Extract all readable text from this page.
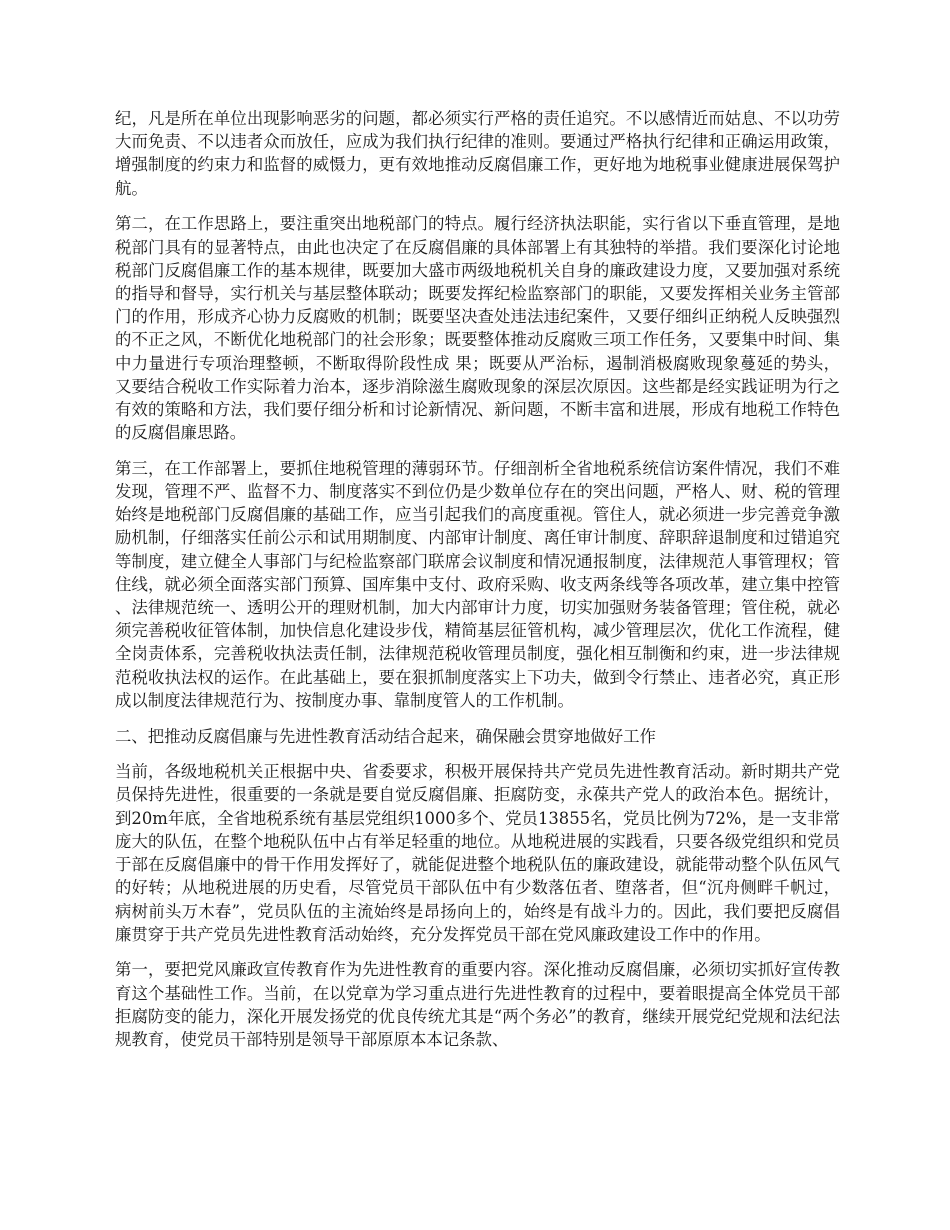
纪，凡是所在单位出现影响恶劣的问题，都必须实行严格的责任追究。不以感情近而姑息、不以功劳大而免责、不以违者众而放任，应成为我们执行纪律的准则。要通过严格执行纪律和正确运用政策，增强制度的约束力和监督的威慑力，更有效地推动反腐倡廉工作，更好地为地税事业健康进展保驾护航。

第二，在工作思路上，要注重突出地税部门的特点。履行经济执法职能，实行省以下垂直管理，是地税部门具有的显著特点，由此也决定了在反腐倡廉的具体部署上有其独特的举措。我们要深化讨论地税部门反腐倡廉工作的基本规律，既要加大盛市两级地税机关自身的廉政建设力度，又要加强对系统的指导和督导，实行机关与基层整体联动；既要发挥纪检监察部门的职能，又要发挥相关业务主管部门的作用，形成齐心协力反腐败的机制；既要坚决查处违法违纪案件，又要仔细纠正纳税人反映强烈的不正之风，不断优化地税部门的社会形象；既要整体推动反腐败三项工作任务，又要集中时间、集中力量进行专项治理整顿，不断取得阶段性成 果；既要从严治标，遏制消极腐败现象蔓延的势头，又要结合税收工作实际着力治本，逐步消除滋生腐败现象的深层次原因。这些都是经实践证明为行之有效的策略和方法，我们要仔细分析和讨论新情况、新问题，不断丰富和进展，形成有地税工作特色的反腐倡廉思路。

第三，在工作部署上，要抓住地税管理的薄弱环节。仔细剖析全省地税系统信访案件情况，我们不难发现，管理不严、监督不力、制度落实不到位仍是少数单位存在的突出问题，严格人、财、税的管理始终是地税部门反腐倡廉的基础工作，应当引起我们的高度重视。管住人，就必须进一步完善竞争激励机制，仔细落实任前公示和试用期制度、内部审计制度、离任审计制度、辞职辞退制度和过错追究等制度，建立健全人事部门与纪检监察部门联席会议制度和情况通报制度，法律规范人事管理权；管住线，就必须全面落实部门预算、国库集中支付、政府采购、收支两条线等各项改革，建立集中控管、法律规范统一、透明公开的理财机制，加大内部审计力度，切实加强财务装备管理；管住税，就必须完善税收征管体制，加快信息化建设步伐，精简基层征管机构，减少管理层次，优化工作流程，健全岗责体系，完善税收执法责任制，法律规范税收管理员制度，强化相互制衡和约束，进一步法律规范税收执法权的运作。在此基础上，要在狠抓制度落实上下功夫，做到令行禁止、违者必究，真正形成以制度法律规范行为、按制度办事、靠制度管人的工作机制。

二、把推动反腐倡廉与先进性教育活动结合起来，确保融会贯穿地做好工作

当前，各级地税机关正根据中央、省委要求，积极开展保持共产党员先进性教育活动。新时期共产党员保持先进性，很重要的一条就是要自觉反腐倡廉、拒腐防变，永葆共产党人的政治本色。据统计，到20m年底，全省地税系统有基层党组织1000多个、党员13855名，党员比例为72%，是一支非常庞大的队伍，在整个地税队伍中占有举足轻重的地位。从地税进展的实践看，只要各级党组织和党员于部在反腐倡廉中的骨干作用发挥好了，就能促进整个地税队伍的廉政建设，就能带动整个队伍风气的好转；从地税进展的历史看，尽管党员干部队伍中有少数落伍者、堕落者，但“沉舟侧畔千帆过，病树前头万木春”，党员队伍的主流始终是昂扬向上的，始终是有战斗力的。因此，我们要把反腐倡廉贯穿于共产党员先进性教育活动始终，充分发挥党员干部在党风廉政建设工作中的作用。

第一，要把党风廉政宣传教育作为先进性教育的重要内容。深化推动反腐倡廉，必须切实抓好宣传教育这个基础性工作。当前，在以党章为学习重点进行先进性教育的过程中，要着眼提高全体党员干部拒腐防变的能力，深化开展发扬党的优良传统尤其是“两个务必”的教育，继续开展党纪党规和法纪法规教育，使党员干部特别是领导干部原原本本记条款、
